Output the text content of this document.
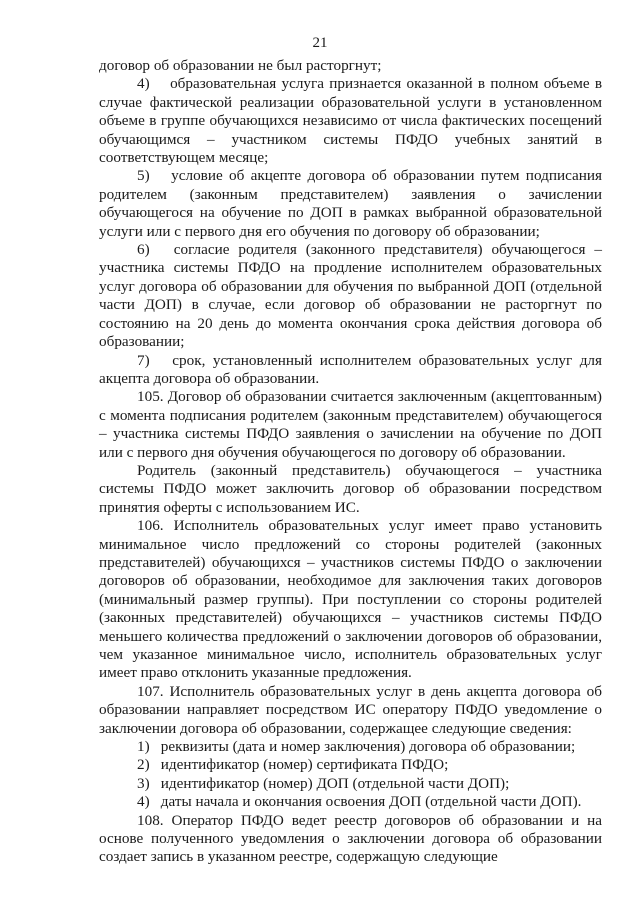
21

договор об образовании не был расторгнут;

4)  образовательная услуга признается оказанной в полном объеме в случае фактической реализации образовательной услуги в установленном объеме в группе обучающихся независимо от числа фактических посещений обучающимся – участником системы ПФДО учебных занятий в соответствующем месяце;

5)  условие об акцепте договора об образовании путем подписания родителем (законным представителем) заявления о зачислении обучающегося на обучение по ДОП в рамках выбранной образовательной услуги или с первого дня его обучения по договору об образовании;

6)  согласие родителя (законного представителя) обучающегося – участника системы ПФДО на продление исполнителем образовательных услуг договора об образовании для обучения по выбранной ДОП (отдельной части ДОП) в случае, если договор об образовании не расторгнут по состоянию на 20 день до момента окончания срока действия договора об образовании;

7)  срок, установленный исполнителем образовательных услуг для акцепта договора об образовании.

105. Договор об образовании считается заключенным (акцептованным) с момента подписания родителем (законным представителем) обучающегося – участника системы ПФДО заявления о зачислении на обучение по ДОП или с первого дня обучения обучающегося по договору об образовании.

Родитель (законный представитель) обучающегося – участника системы ПФДО может заключить договор об образовании посредством принятия оферты с использованием ИС.

106. Исполнитель образовательных услуг имеет право установить минимальное число предложений со стороны родителей (законных представителей) обучающихся – участников системы ПФДО о заключении договоров об образовании, необходимое для заключения таких договоров (минимальный размер группы). При поступлении со стороны родителей (законных представителей) обучающихся – участников системы ПФДО меньшего количества предложений о заключении договоров об образовании, чем указанное минимальное число, исполнитель образовательных услуг имеет право отклонить указанные предложения.

107. Исполнитель образовательных услуг в день акцепта договора об образовании направляет посредством ИС оператору ПФДО уведомление о заключении договора об образовании, содержащее следующие сведения:

1) реквизиты (дата и номер заключения) договора об образовании;

2) идентификатор (номер) сертификата ПФДО;

3) идентификатор (номер) ДОП (отдельной части ДОП);

4) даты начала и окончания освоения ДОП (отдельной части ДОП).

108. Оператор ПФДО ведет реестр договоров об образовании и на основе полученного уведомления о заключении договора об образовании создает запись в указанном реестре, содержащую следующие
